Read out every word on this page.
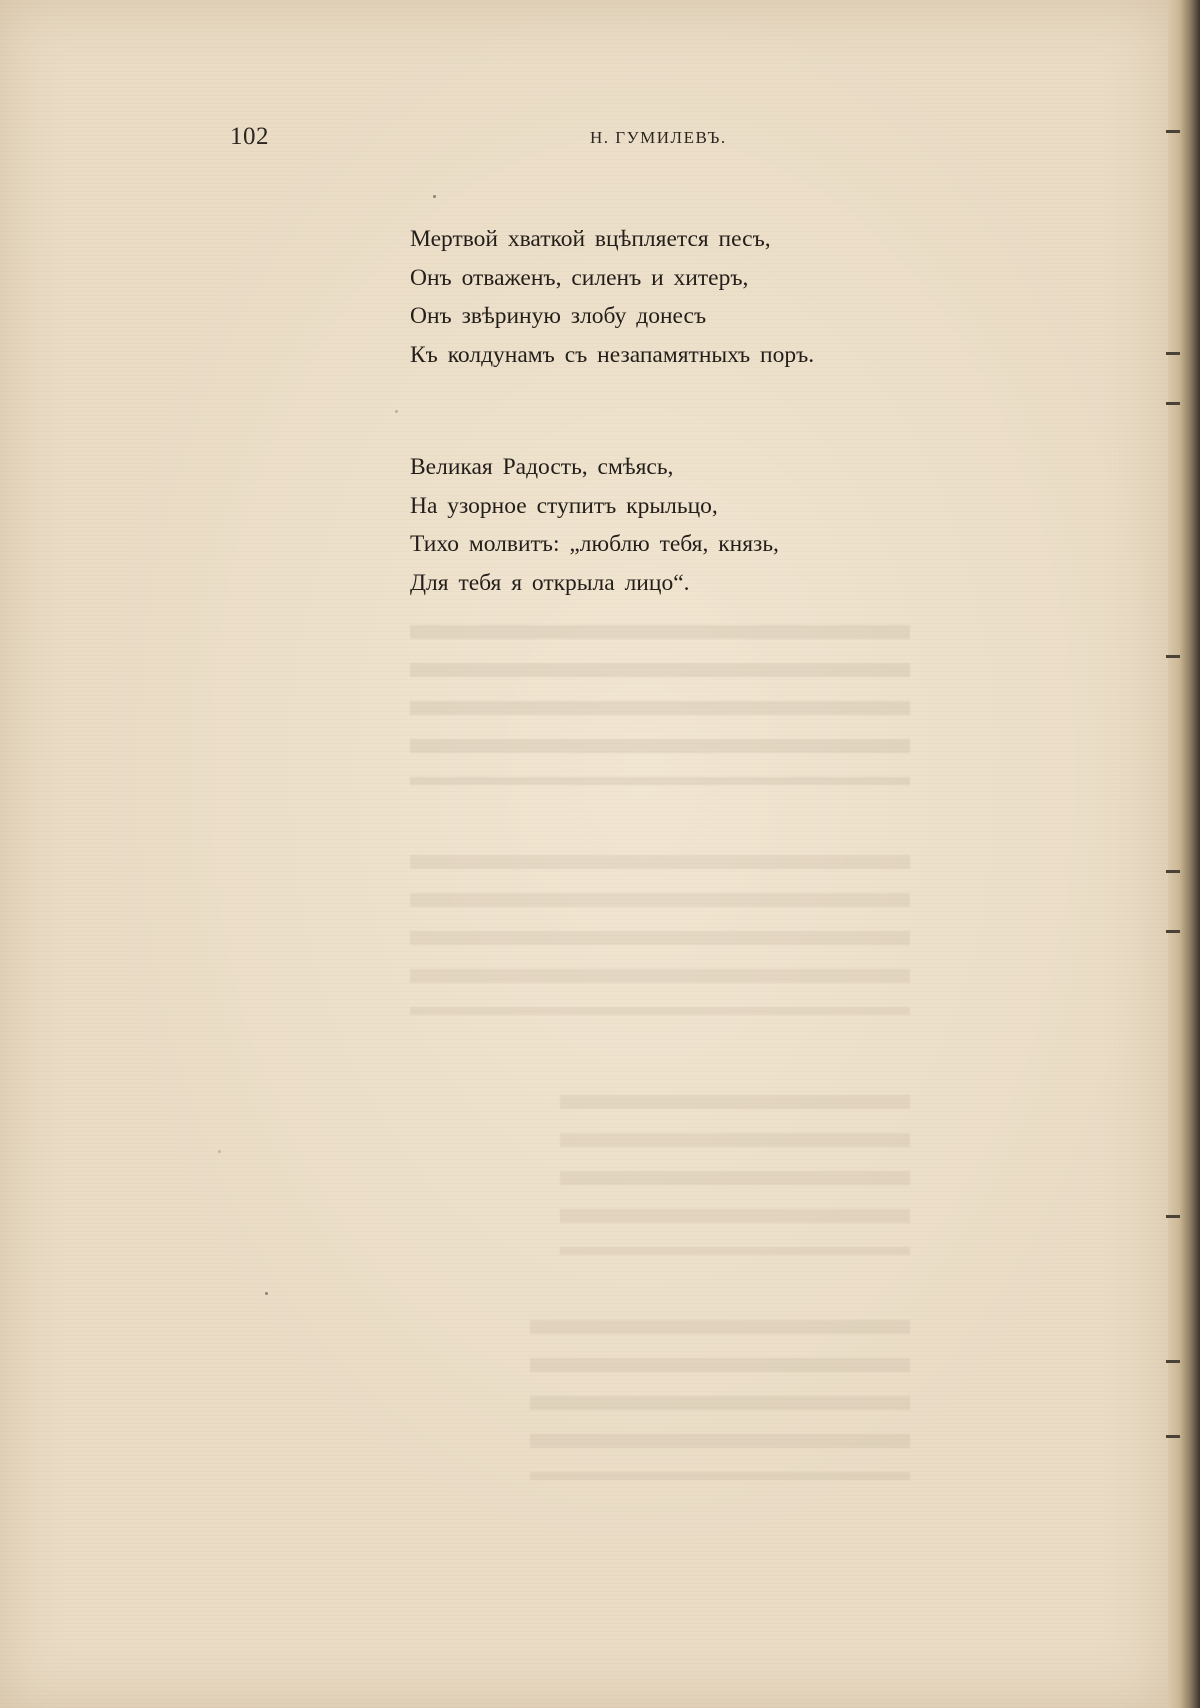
102	Н. ГУМИЛЕВЪ.
Мертвой хваткой вцѣпляется песъ,
Онъ отваженъ, силенъ и хитеръ,
Онъ звѣриную злобу донесъ
Къ колдунамъ съ незапамятныхъ поръ.
Великая Радость, смѣясь,
На узорное ступитъ крыльцо,
Тихо молвитъ: „люблю тебя, князь,
Для тебя я открыла лицо“.
